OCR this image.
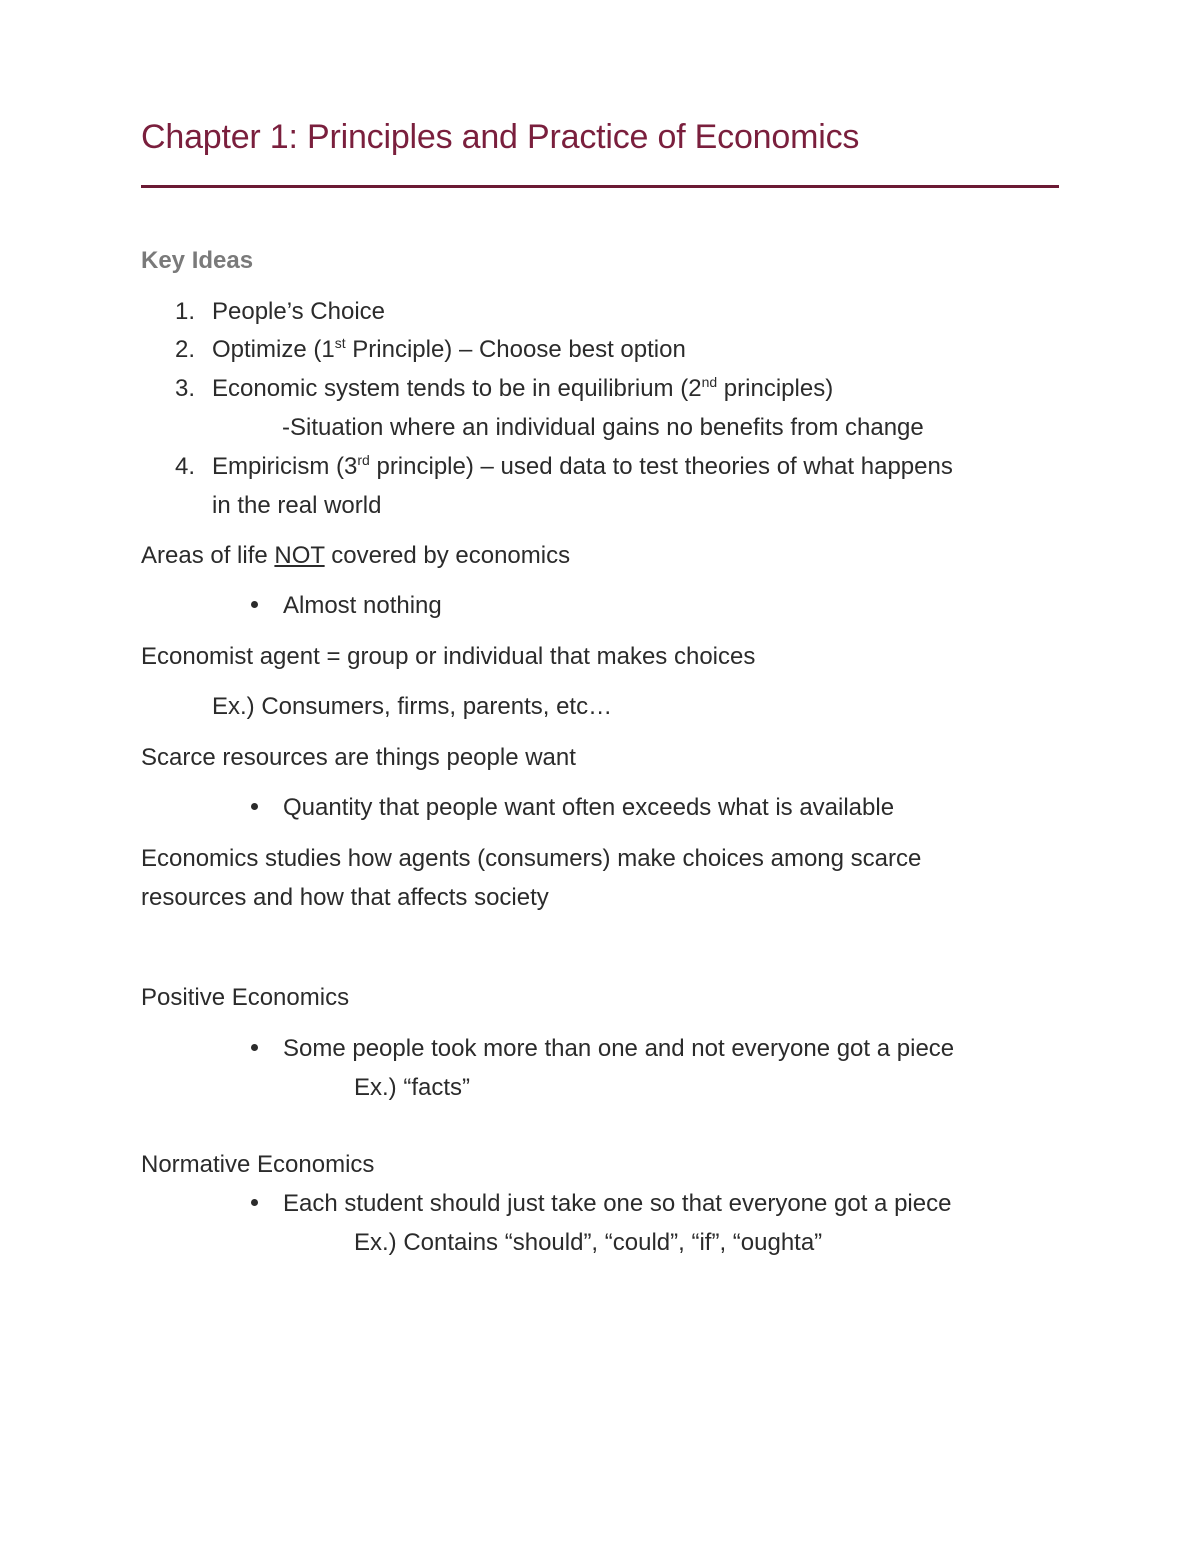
Chapter 1: Principles and Practice of Economics
Key Ideas
1. People’s Choice
2. Optimize (1st Principle) – Choose best option
3. Economic system tends to be in equilibrium (2nd principles)
-Situation where an individual gains no benefits from change
4. Empiricism (3rd principle) – used data to test theories of what happens
in the real world
Areas of life NOT covered by economics
Almost nothing
Economist agent = group or individual that makes choices
Ex.) Consumers, firms, parents, etc…
Scarce resources are things people want
Quantity that people want often exceeds what is available
Economics studies how agents (consumers) make choices among scarce
resources and how that affects society
Positive Economics
Some people took more than one and not everyone got a piece
Ex.) “facts”
Normative Economics
Each student should just take one so that everyone got a piece
Ex.) Contains “should”, “could”, “if”, “oughta”
